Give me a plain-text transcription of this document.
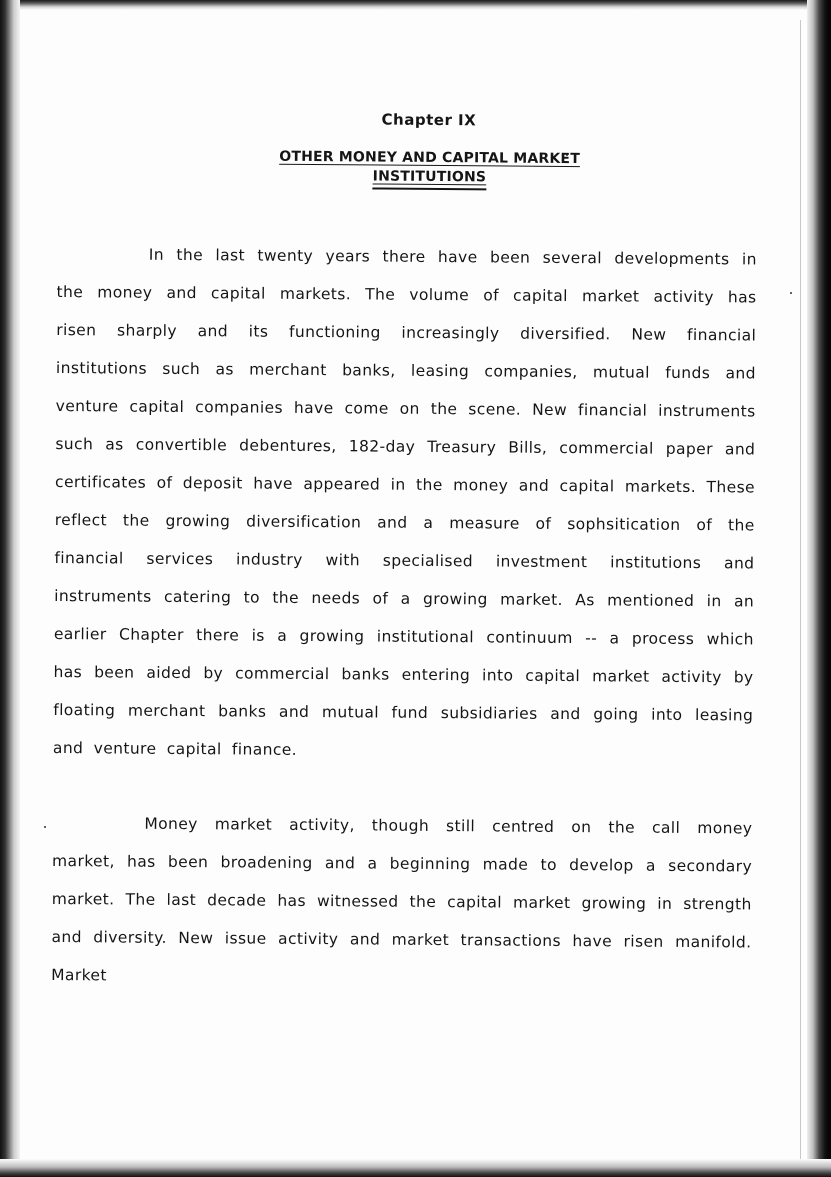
Chapter IX
OTHER MONEY AND CAPITAL MARKET
INSTITUTIONS

In the last twenty years there have been several developments in the money and capital markets. The volume of capital market activity has risen sharply and its functioning increasingly diversified. New financial institutions such as merchant banks, leasing companies, mutual funds and venture capital companies have come on the scene. New financial instruments such as convertible debentures, 182-day Treasury Bills, commercial paper and certificates of deposit have appeared in the money and capital markets. These reflect the growing diversification and a measure of sophsitication of the financial services industry with specialised investment institutions and instruments catering to the needs of a growing market. As mentioned in an earlier Chapter there is a growing institutional continuum -- a process which has been aided by commercial banks entering into capital market activity by floating merchant banks and mutual fund subsidiaries and going into leasing and venture capital finance.

Money market activity, though still centred on the call money market, has been broadening and a beginning made to develop a secondary market. The last decade has witnessed the capital market growing in strength and diversity. New issue activity and market transactions have risen manifold. Market
